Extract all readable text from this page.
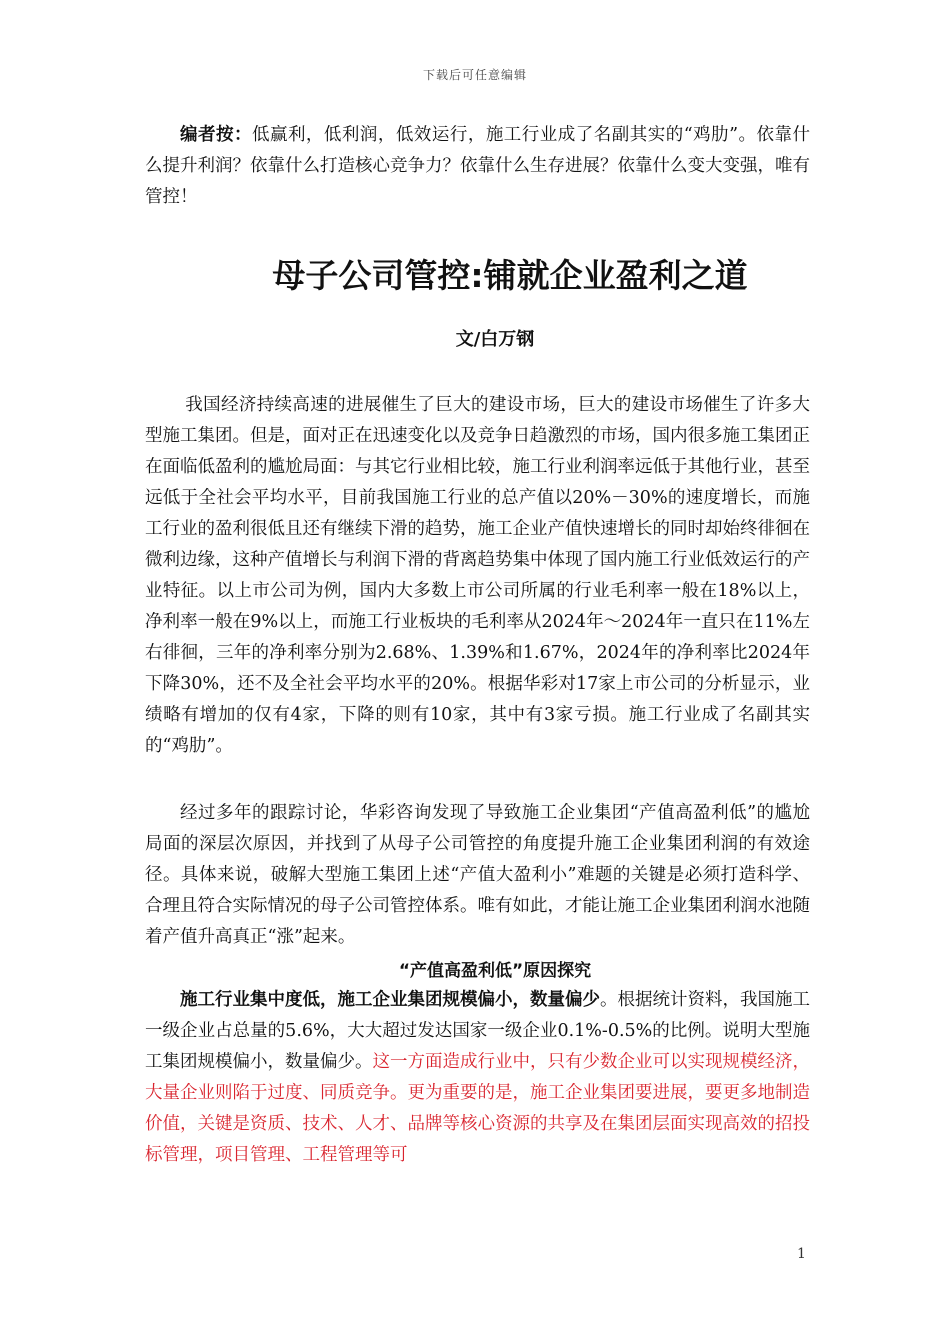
下载后可任意编辑

编者按：低赢利，低利润，低效运行，施工行业成了名副其实的“鸡肋”。依靠什么提升利润？依靠什么打造核心竞争力？依靠什么生存进展？依靠什么变大变强，唯有管控！

母子公司管控:铺就企业盈利之道
文/白万钢

我国经济持续高速的进展催生了巨大的建设市场，巨大的建设市场催生了许多大型施工集团。但是，面对正在迅速变化以及竞争日趋激烈的市场，国内很多施工集团正在面临低盈利的尴尬局面：与其它行业相比较，施工行业利润率远低于其他行业，甚至远低于全社会平均水平，目前我国施工行业的总产值以20%－30%的速度增长，而施工行业的盈利很低且还有继续下滑的趋势，施工企业产值快速增长的同时却始终徘徊在微利边缘，这种产值增长与利润下滑的背离趋势集中体现了国内施工行业低效运行的产业特征。以上市公司为例，国内大多数上市公司所属的行业毛利率一般在18%以上，净利率一般在9%以上，而施工行业板块的毛利率从2024年～2024年一直只在11%左右徘徊，三年的净利率分别为2.68%、1.39%和1.67%，2024年的净利率比2024年下降30%，还不及全社会平均水平的20%。根据华彩对17家上市公司的分析显示，业绩略有增加的仅有4家，下降的则有10家，其中有3家亏损。施工行业成了名副其实的“鸡肋”。

经过多年的跟踪讨论，华彩咨询发现了导致施工企业集团“产值高盈利低”的尴尬局面的深层次原因，并找到了从母子公司管控的角度提升施工企业集团利润的有效途径。具体来说，破解大型施工集团上述“产值大盈利小”难题的关键是必须打造科学、合理且符合实际情况的母子公司管控体系。唯有如此，才能让施工企业集团利润水池随着产值升高真正“涨”起来。

“产值高盈利低”原因探究

施工行业集中度低，施工企业集团规模偏小，数量偏少。根据统计资料，我国施工一级企业占总量的5.6%，大大超过发达国家一级企业0.1%-0.5%的比例。说明大型施工集团规模偏小，数量偏少。这一方面造成行业中，只有少数企业可以实现规模经济，大量企业则陷于过度、同质竞争。更为重要的是，施工企业集团要进展，要更多地制造价值，关键是资质、技术、人才、品牌等核心资源的共享及在集团层面实现高效的招投标管理，项目管理、工程管理等可

1
